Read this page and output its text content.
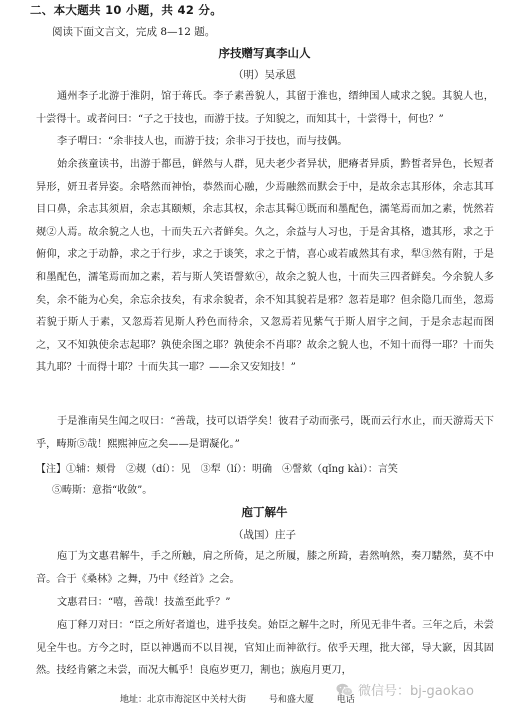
二、本大题共 10 小题，共 42 分。
阅读下面文言文，完成 8—12 题。
序技赠写真李山人
（明）吴承恩

通州李子北游于淮阴，馆于蒋氏。李子素善貌人，其留于淮也，缙绅国人咸求之貌。其貌人也，十尝得十。或者问曰：“子之于技也，而游于技。子知貌之，而知其十，十尝得十，何也？”

李子喟曰：“余非技人也，而游于技；余非习于技也，而与技偶。

始余孩童读书，出游于都邑，鲜然与人群，见夫老少者异状，肥瘠者异质，黔皙者异色，长短者异形，妍丑者异姿。余嗒然而神怡，恭然而心融，少焉融然而默会于中，是故余志其形体，余志其耳目口鼻，余志其须眉，余志其颐颊，余志其权，余志其髯①既而和墨配色，濡笔焉而加之素，恍然若觌②人焉。故余貌之人也，十而失五六者鲜矣。久之，余益与人习也，于是舍其格，遗其形，求之于俯仰，求之于动静，求之于行步，求之于谈笑，求之于情，喜心或若戚然其有求，犁③然有附，于是和墨配色，濡笔焉而加之素，若与斯人笑语謦欬④，故余之貌人也，十而失三四者鲜矣。今余貌人多矣，余不能为心矣，余忘余技矣，有求余貌者，余不知其貌若是邪？忽若是耶？但余隐几而坐，忽焉若貌于斯人于素，又忽焉若见斯人矜色而待余，又忽焉若见紫气于斯人眉宇之间，于是余志起而图之，又不知孰使余志起耶？孰使余图之耶？孰使余不肖耶？故余之貌人也，不知十而得一耶？十而失其九耶？十而得十耶？十而失其一耶？——余又安知技！”

于是淮南吴生闻之叹曰：“善哉，技可以语学矣！彼君子动而张弓，既而云行水止，而天游焉天下乎，畴斯⑤哉！熙熙神应之矣——是谓凝化。”

【注】①辅：颊骨　②觌（dí）：见　③犁（lí）：明确　④謦欬（qǐng kài）：言笑
⑤畴斯：意指“收敛”。
庖丁解牛
（战国）庄子

庖丁为文惠君解牛，手之所触，肩之所倚，足之所履，膝之所踦，砉然响然，奏刀騞然，莫不中音。合于《桑林》之舞，乃中《经首》之会。

文惠君曰：“嘻，善哉！技盖至此乎？”

庖丁释刀对曰：“臣之所好者道也，进乎技矣。始臣之解牛之时，所见无非牛者。三年之后，未尝见全牛也。方今之时，臣以神遇而不以目视，官知止而神欲行。依乎天理，批大郤，导大窾，因其固然。技经肯綮之未尝，而况大軱乎！良庖岁更刀，割也；族庖月更刀，

地址：北京市海淀区中关村大街	号和盛大厦	电话
微信号：bj-gaokao
